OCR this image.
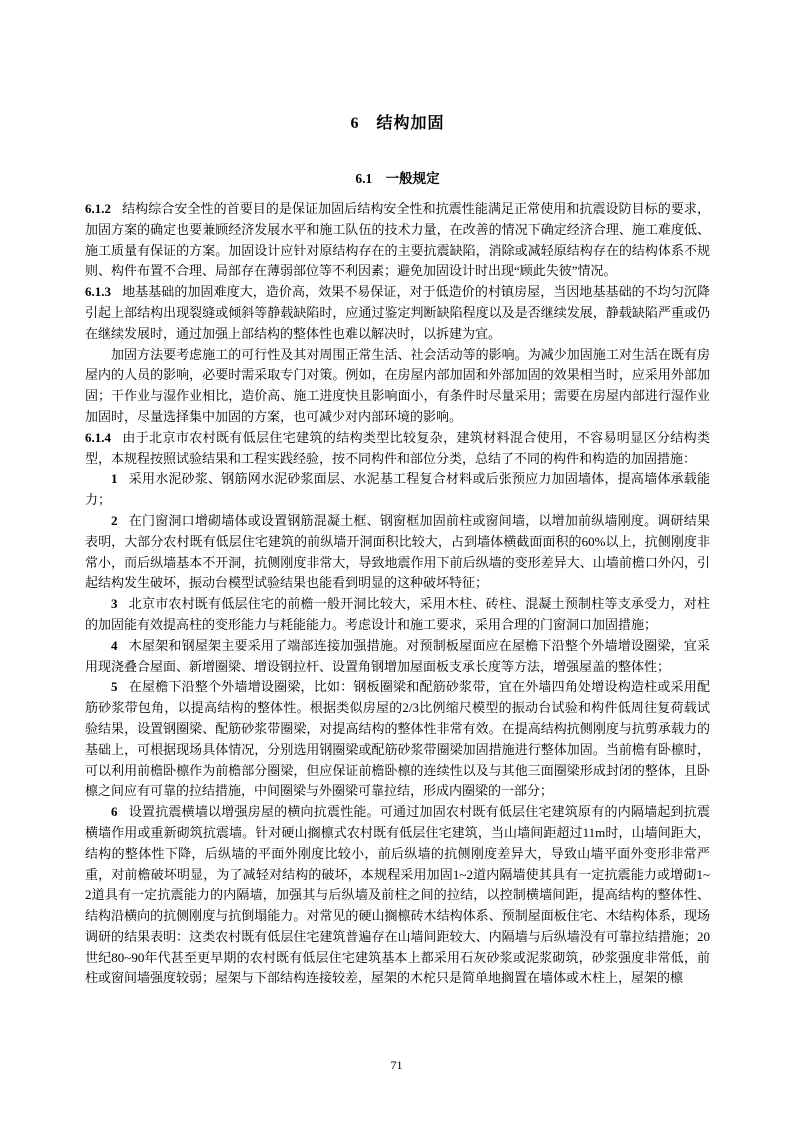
6　结构加固
6.1　一般规定

6.1.2 结构综合安全性的首要目的是保证加固后结构安全性和抗震性能满足正常使用和抗震设防目标的要求，加固方案的确定也要兼顾经济发展水平和施工队伍的技术力量，在改善的情况下确定经济合理、施工难度低、施工质量有保证的方案。加固设计应针对原结构存在的主要抗震缺陷，消除或减轻原结构存在的结构体系不规则、构件布置不合理、局部存在薄弱部位等不利因素；避免加固设计时出现“顾此失彼”情况。

6.1.3 地基基础的加固难度大，造价高，效果不易保证，对于低造价的村镇房屋，当因地基基础的不均匀沉降引起上部结构出现裂缝或倾斜等静载缺陷时，应通过鉴定判断缺陷程度以及是否继续发展，静载缺陷严重或仍在继续发展时，通过加强上部结构的整体性也难以解决时，以拆建为宜。

加固方法要考虑施工的可行性及其对周围正常生活、社会活动等的影响。为减少加固施工对生活在既有房屋内的人员的影响，必要时需采取专门对策。例如，在房屋内部加固和外部加固的效果相当时，应采用外部加固；干作业与湿作业相比，造价高、施工进度快且影响面小，有条件时尽量采用；需要在房屋内部进行湿作业加固时，尽量选择集中加固的方案，也可减少对内部环境的影响。

6.1.4 由于北京市农村既有低层住宅建筑的结构类型比较复杂，建筑材料混合使用，不容易明显区分结构类型，本规程按照试验结果和工程实践经验，按不同构件和部位分类，总结了不同的构件和构造的加固措施：

1 采用水泥砂浆、钢筋网水泥砂浆面层、水泥基工程复合材料或后张预应力加固墙体，提高墙体承载能力；

2 在门窗洞口增砌墙体或设置钢筋混凝土框、钢窗框加固前柱或窗间墙，以增加前纵墙刚度。调研结果表明，大部分农村既有低层住宅建筑的前纵墙开洞面积比较大，占到墙体横截面面积的60%以上，抗侧刚度非常小，而后纵墙基本不开洞，抗侧刚度非常大，导致地震作用下前后纵墙的变形差异大、山墙前檐口外闪，引起结构发生破坏，振动台模型试验结果也能看到明显的这种破坏特征；

3 北京市农村既有低层住宅的前檐一般开洞比较大，采用木柱、砖柱、混凝土预制柱等支承受力，对柱的加固能有效提高柱的变形能力与耗能能力。考虑设计和施工要求，采用合理的门窗洞口加固措施；

4 木屋架和钢屋架主要采用了端部连接加强措施。对预制板屋面应在屋檐下沿整个外墙增设圈梁，宜采用现浇叠合屋面、新增圈梁、增设钢拉杆、设置角钢增加屋面板支承长度等方法，增强屋盖的整体性；

5 在屋檐下沿整个外墙增设圈梁，比如：钢板圈梁和配筋砂浆带，宜在外墙四角处增设构造柱或采用配筋砂浆带包角，以提高结构的整体性。根据类似房屋的2/3比例缩尺模型的振动台试验和构件低周往复荷载试验结果，设置钢圈梁、配筋砂浆带圈梁，对提高结构的整体性非常有效。在提高结构抗侧刚度与抗剪承载力的基础上，可根据现场具体情况，分别选用钢圈梁或配筋砂浆带圈梁加固措施进行整体加固。当前檐有卧檩时，可以利用前檐卧檩作为前檐部分圈梁，但应保证前檐卧檩的连续性以及与其他三面圈梁形成封闭的整体，且卧檩之间应有可靠的拉结措施，中间圈梁与外圈梁可靠拉结，形成内圈梁的一部分；

6 设置抗震横墙以增强房屋的横向抗震性能。可通过加固农村既有低层住宅建筑原有的内隔墙起到抗震横墙作用或重新砌筑抗震墙。针对硬山搁檩式农村既有低层住宅建筑，当山墙间距超过11m时，山墙间距大，结构的整体性下降，后纵墙的平面外刚度比较小，前后纵墙的抗侧刚度差异大，导致山墙平面外变形非常严重，对前檐破坏明显，为了减轻对结构的破坏，本规程采用加固1~2道内隔墙使其具有一定抗震能力或增砌1~2道具有一定抗震能力的内隔墙，加强其与后纵墙及前柱之间的拉结，以控制横墙间距，提高结构的整体性、结构沿横向的抗侧刚度与抗倒塌能力。对常见的硬山搁檩砖木结构体系、预制屋面板住宅、木结构体系，现场调研的结果表明：这类农村既有低层住宅建筑普遍存在山墙间距较大、内隔墙与后纵墙没有可靠拉结措施；20世纪80~90年代甚至更早期的农村既有低层住宅建筑基本上都采用石灰砂浆或泥浆砌筑，砂浆强度非常低，前柱或窗间墙强度较弱；屋架与下部结构连接较差，屋架的木柁只是简单地搁置在墙体或木柱上，屋架的檩

71
